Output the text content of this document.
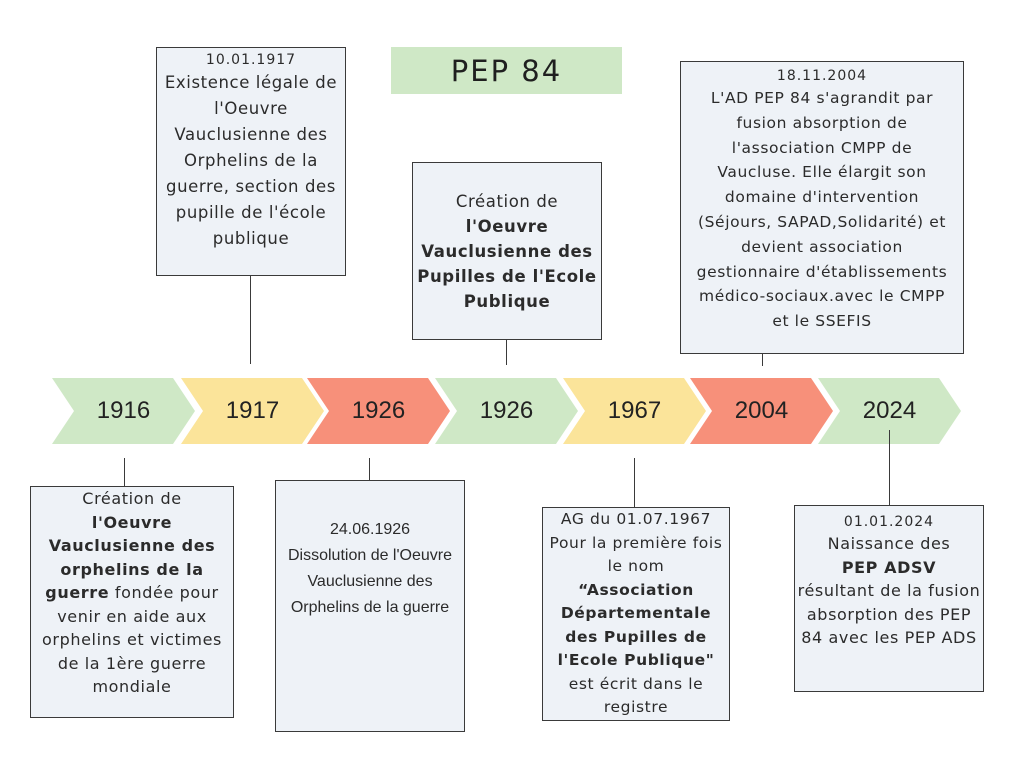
PEP 84
10.01.1917
Existence légale de l'Oeuvre Vauclusienne des Orphelins de la guerre, section des pupille de l'école publique
Création de
l'Oeuvre Vauclusienne des Pupilles de l'Ecole Publique
18.11.2004
L'AD PEP 84 s'agrandit par fusion absorption de l'association CMPP de Vaucluse. Elle élargit son domaine d'intervention (Séjours, SAPAD,Solidarité) et devient association gestionnaire d'établissements médico-sociaux.avec le CMPP et le SSEFIS
1916	1917	1926	1926	1967	2004	2024
Création de
l'Oeuvre Vauclusienne des orphelins de la guerre fondée pour venir en aide aux orphelins et victimes de la 1ère guerre mondiale
24.06.1926
Dissolution de l'Oeuvre Vauclusienne des Orphelins de la guerre
AG du 01.07.1967 Pour la première fois le nom
“Association Départementale des Pupilles de l'Ecole Publique"
est écrit dans le registre
01.01.2024
Naissance des
PEP ADSV
résultant de la fusion absorption des PEP 84 avec les PEP ADS
